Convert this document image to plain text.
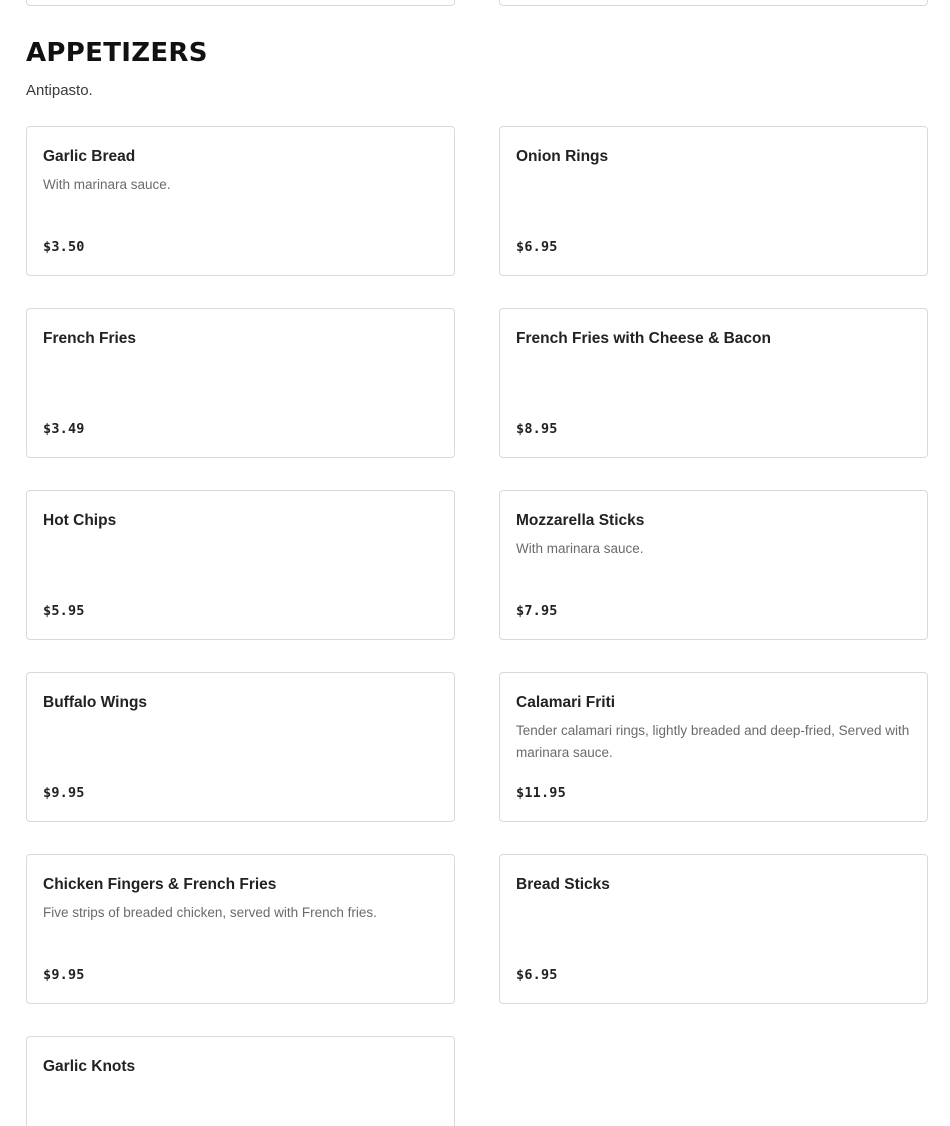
APPETIZERS

Antipasto.

Garlic Bread
With marinara sauce.
$3.50
Onion Rings
$6.95
French Fries
$3.49
French Fries with Cheese & Bacon
$8.95
Hot Chips
$5.95
Mozzarella Sticks
With marinara sauce.
$7.95
Buffalo Wings
$9.95
Calamari Friti
Tender calamari rings, lightly breaded and deep-fried, Served with marinara sauce.
$11.95
Chicken Fingers & French Fries
Five strips of breaded chicken, served with French fries.
$9.95
Bread Sticks
$6.95
Garlic Knots
